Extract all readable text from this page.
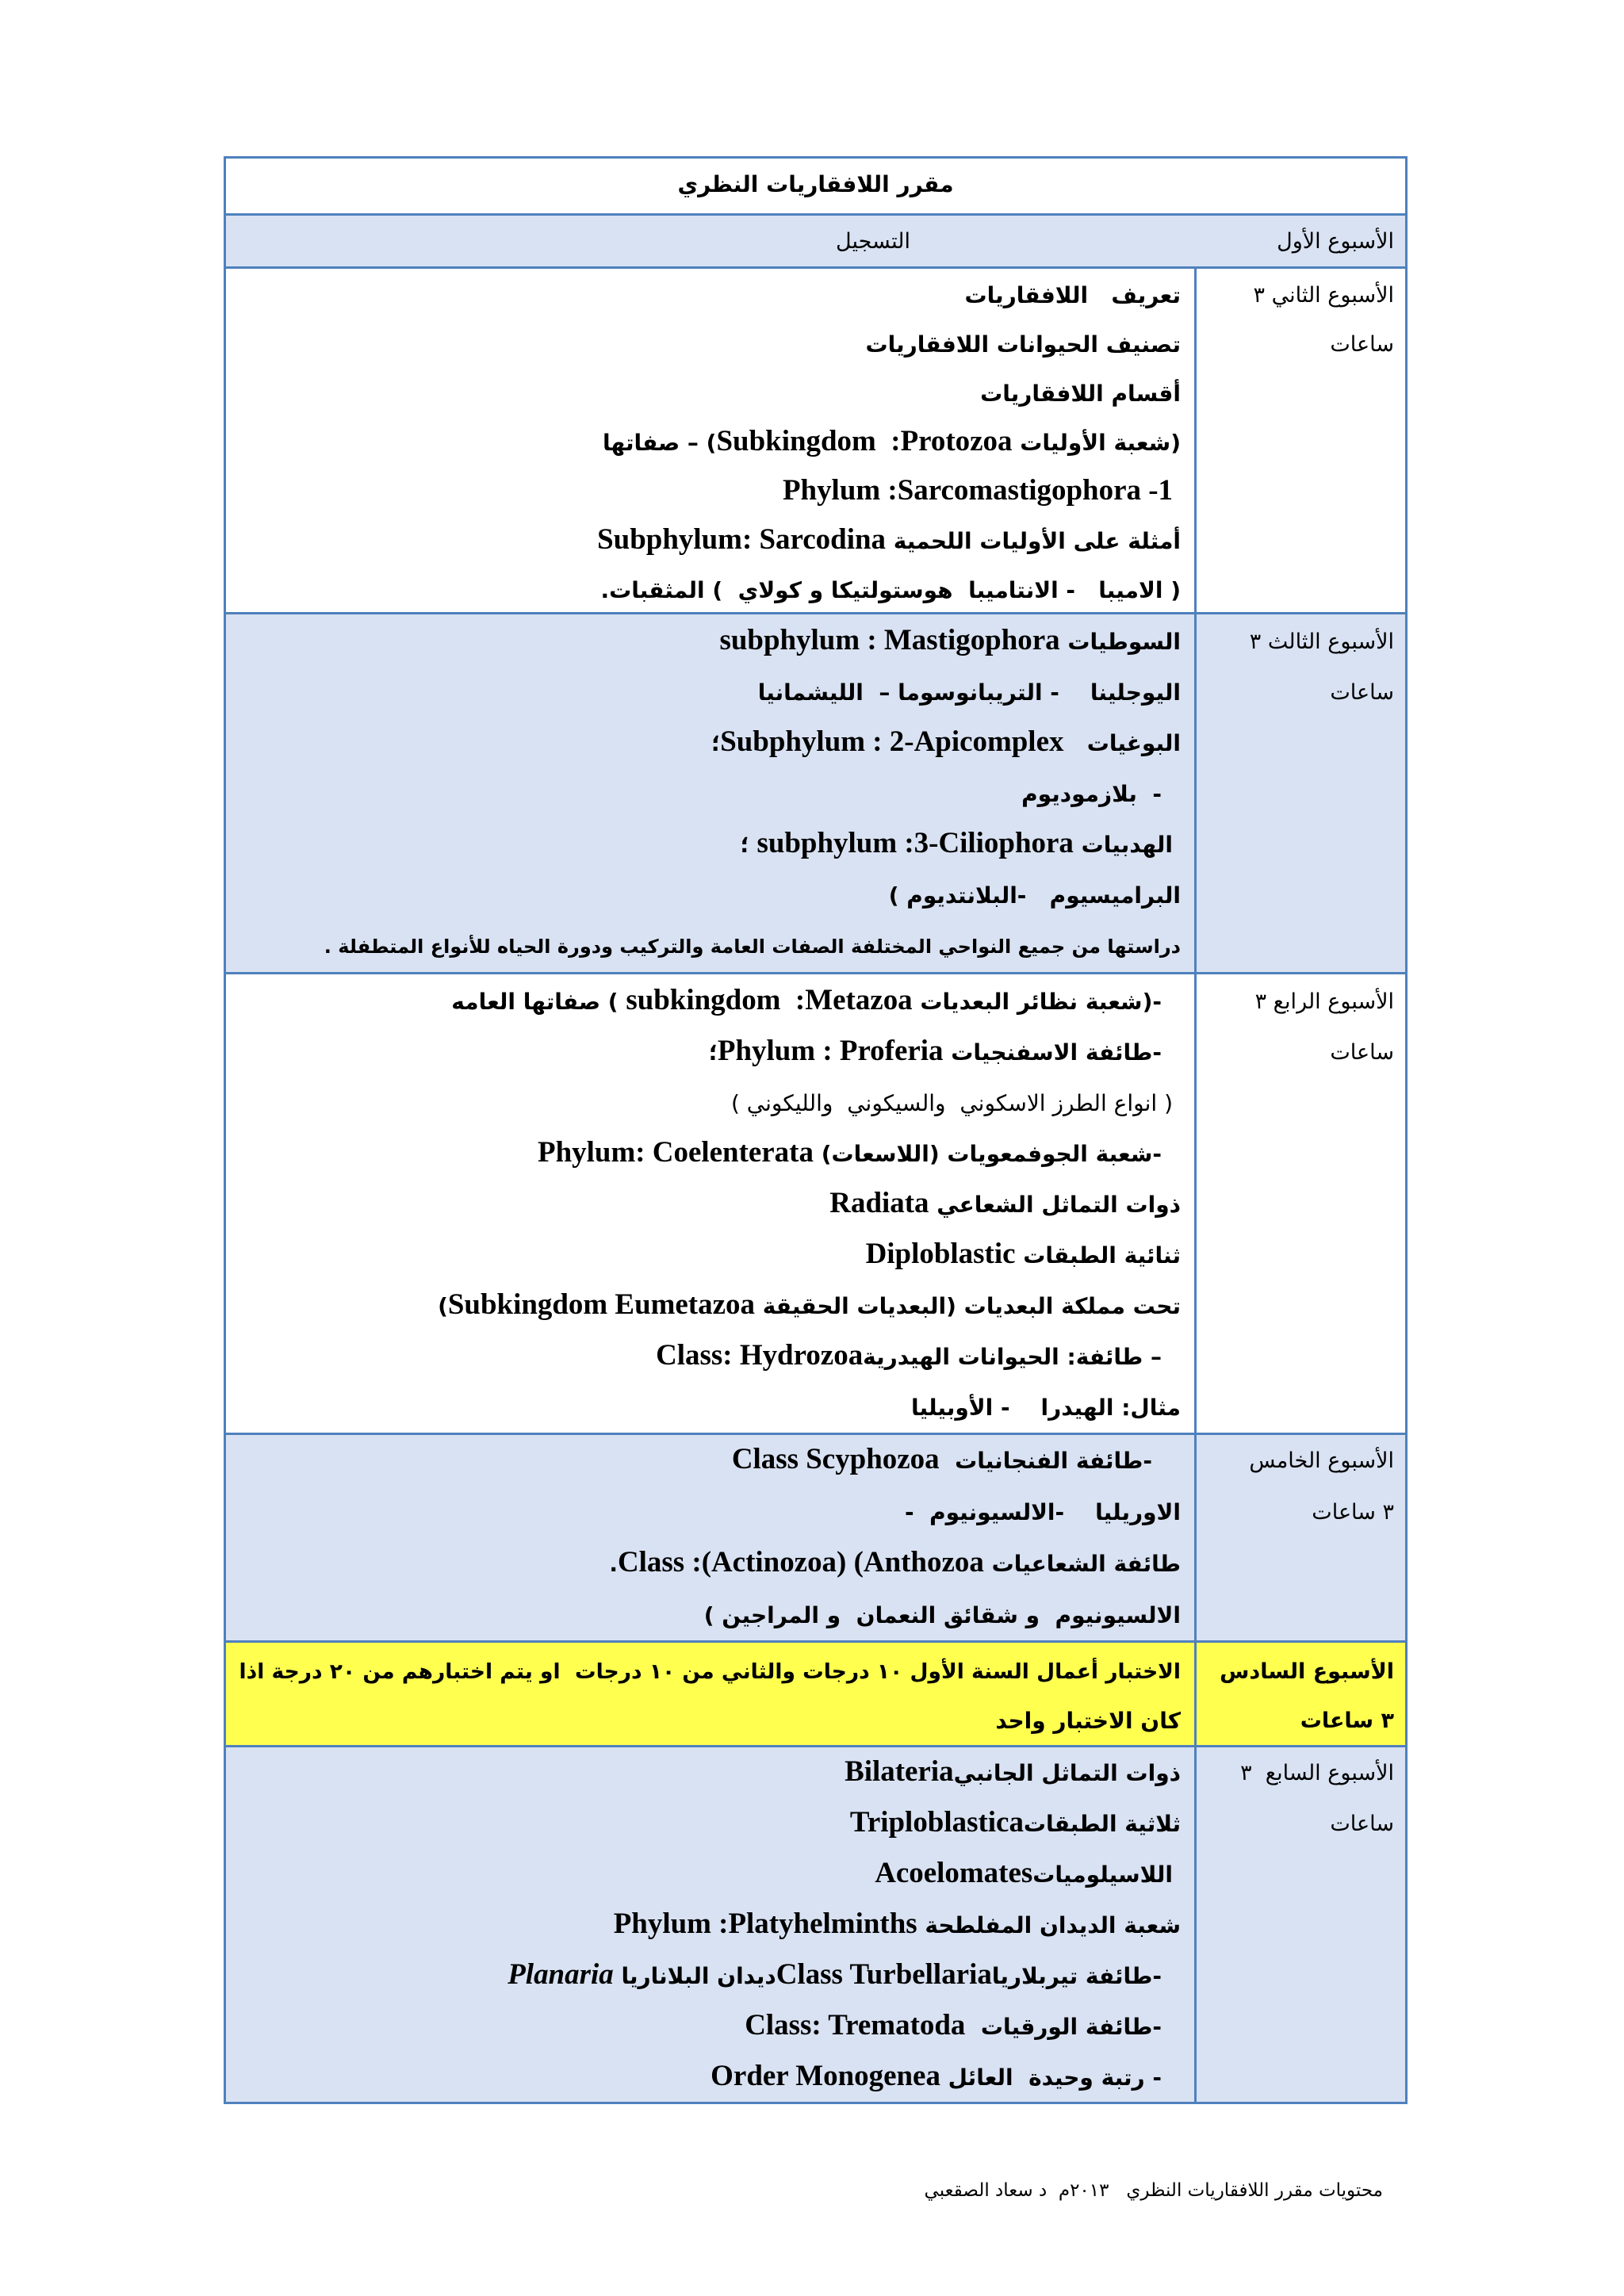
مقرر اللافقاريات النظري
الأسبوع الأول
التسجيل
الأسبوع الثاني ٣
ساعات
تعريف   اللافقاريات
تصنيف الحيوانات اللافقاريات
أقسام اللافقاريات
(شعبة الأوليات Subkingdom  :Protozoa) – صفاتها
1- Phylum :Sarcomastigophora
أمثلة على الأوليات اللحمية Subphylum: Sarcodina
( الاميبا   - الانتاميبا  هوستولتيكا و كولاي  ) المثقبات.
الأسبوع الثالث ٣
ساعات
السوطيات subphylum : Mastigophora
اليوجلينا    - التريبانوسوما –  الليشمانيا
البوغيات   Subphylum : 2-Apicomplex؛
-  بلازموديوم
الهدبيات subphylum :3-Ciliophora ؛
البراميسيوم   -البلانتديوم )
دراستها من جميع النواحي المختلفة الصفات العامة والتركيب ودورة الحياه للأنواع المتطفلة .
الأسبوع الرابع ٣
ساعات
-(شعبة نظائر البعديات subkingdom  :Metazoa ) صفاتها العامه
-طائفة الاسفنجيات Phylum : Proferia؛
( انواع الطرز الاسكوني  والسيكوني  والليكوني )
-شعبة الجوفمعويات (اللاسعات) Phylum: Coelenterata
ذوات التماثل الشعاعي Radiata
ثنائية الطبقات Diploblastic
تحت مملكة البعديات (البعديات الحقيقة Subkingdom Eumetazoa)
– طائفة: الحيوانات الهيدريةClass: Hydrozoa
مثال: الهيدرا    - الأوبيليا
الأسبوع الخامس
٣ ساعات
-طائفة الفنجانيات  Class Scyphozoa
الاوريليا    -الالسيونيوم  -
طائفة الشعاعيات Class :(Actinozoa) (Anthozoa.
الالسيونيوم  و شقائق النعمان  و المراجين )
الأسبوع السادس
٣ ساعات
الاختبار أعمال السنة الأول ١٠ درجات والثاني من ١٠ درجات  او يتم اختبارهم من ٢٠ درجة اذا
كان الاختبار واحد
الأسبوع السابع  ٣
ساعات
ذوات التماثل الجانبيBilateria
ثلاثية الطبقاتTriploblastica
اللاسيلومياتAcoelomates
شعبة الديدان المفلطحة Phylum :Platyhelminths
-طائفة تيربلارياClass Turbellariaديدان البلاناريا Planaria
-طائفة الورقيات  Class: Trematoda
- رتبة وحيدة  العائل Order Monogenea
محتويات مقرر اللافقاريات النظري   ٢٠١٣م  د سعاد الصقعبي
